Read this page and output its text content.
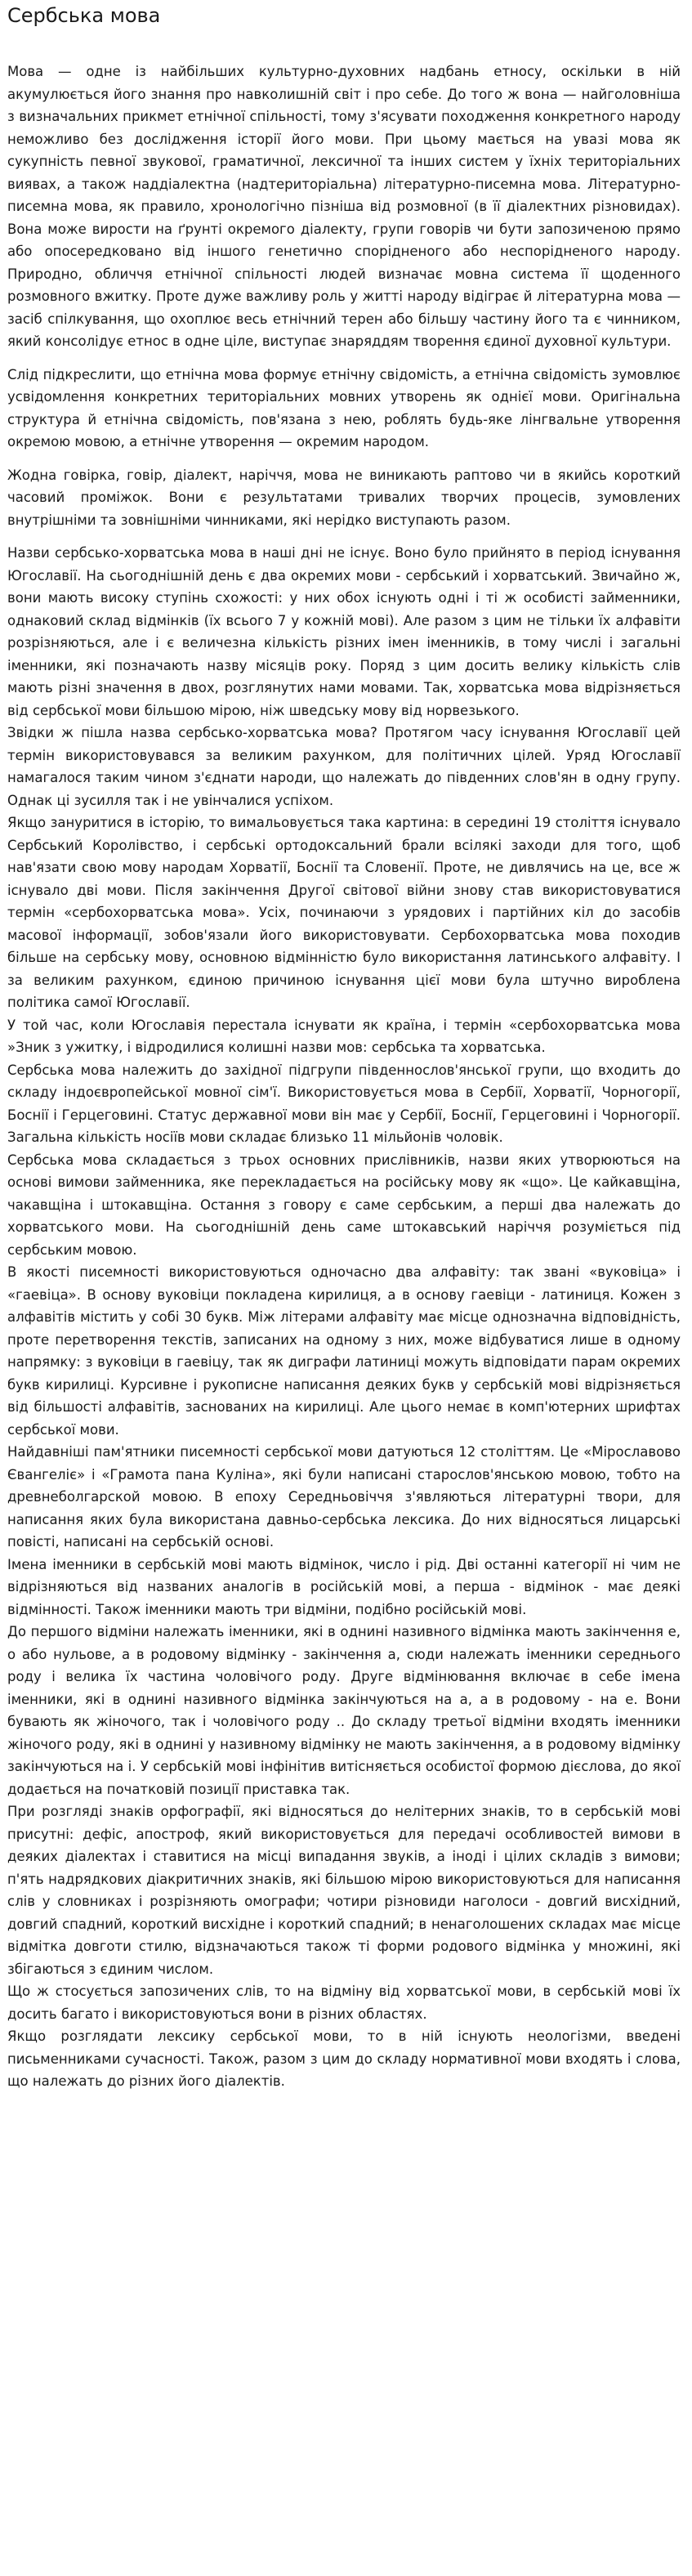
Сербська мова

Мова — одне із найбільших культурно-духовних надбань етносу, оскільки в ній акумулюється його знання про навколишній світ і про себе. До того ж вона — найголовніша з визначальних прикмет етнічної спільності, тому з'ясувати походження конкретного народу неможливо без дослідження історії його мови. При цьому мається на увазі мова як сукупність певної звукової, граматичної, лексичної та інших систем у їхніх територіальних виявах, а також наддіалектна (надтериторіальна) літературно-писемна мова. Літературно-писемна мова, як правило, хронологічно пізніша від розмовної (в її діалектних різновидах). Вона може вирости на ґрунті окремого діалекту, групи говорів чи бути запозиченою прямо або опосередковано від іншого генетично спорідненого або неспорідненого народу. Природно, обличчя етнічної спільності людей визначає мовна система її щоденного розмовного вжитку. Проте дуже важливу роль у житті народу відіграє й літературна мова — засіб спілкування, що охоплює весь етнічний терен або більшу частину його та є чинником, який консолідує етнос в одне ціле, виступає знаряддям творення єдиної духовної культури.

Слід підкреслити, що етнічна мова формує етнічну свідомість, а етнічна свідомість зумовлює усвідомлення конкретних територіальних мовних утворень як однієї мови. Оригінальна структура й етнічна свідомість, пов'язана з нею, роблять будь-яке лінгвальне утворення окремою мовою, а етнічне утворення — окремим народом.

Жодна говірка, говір, діалект, наріччя, мова не виникають раптово чи в якийсь короткий часовий проміжок. Вони є результатами тривалих творчих процесів, зумовлених внутрішніми та зовнішніми чинниками, які нерідко виступають разом.

Назви сербсько-хорватська мова в наші дні не існує. Воно було прийнято в період існування Югославії. На сьогоднішній день є два окремих мови - сербський і хорватський. Звичайно ж, вони мають високу ступінь схожості: у них обох існують одні і ті ж особисті займенники, однаковий склад відмінків (їх всього 7 у кожній мові). Але разом з цим не тільки їх алфавіти розрізняються, але і є величезна кількість різних імен іменників, в тому числі і загальні іменники, які позначають назву місяців року. Поряд з цим досить велику кількість слів мають різні значення в двох, розглянутих нами мовами. Так, хорватська мова відрізняється від сербської мови більшою мірою, ніж шведську мову від норвезького.

Звідки ж пішла назва сербсько-хорватська мова? Протягом часу існування Югославії цей термін використовувався за великим рахунком, для політичних цілей. Уряд Югославії намагалося таким чином з'єднати народи, що належать до південних слов'ян в одну групу. Однак ці зусилля так і не увінчалися успіхом.

Якщо зануритися в історію, то вимальовується така картина: в середині 19 століття існувало Сербський Королівство, і сербські ортодоксальний брали всілякі заходи для того, щоб нав'язати свою мову народам Хорватії, Боснії та Словенії. Проте, не дивлячись на це, все ж існувало дві мови. Після закінчення Другої світової війни знову став використовуватися термін «сербохорватська мова». Усіх, починаючи з урядових і партійних кіл до засобів масової інформації, зобов'язали його використовувати. Сербохорватська мова походив більше на сербську мову, основною відмінністю було використання латинського алфавіту. І за великим рахунком, єдиною причиною існування цієї мови була штучно вироблена політика самої Югославії.

У той час, коли Югославія перестала існувати як країна, і термін «сербохорватська мова »Зник з ужитку, і відродилися колишні назви мов: сербська та хорватська.

Сербська мова належить до західної підгрупи південнослов'янської групи, що входить до складу індоєвропейської мовної сім'ї. Використовується мова в Сербії, Хорватії, Чорногорії, Боснії і Герцеговині. Статус державної мови він має у Сербії, Боснії, Герцеговині і Чорногорії. Загальна кількість носіїв мови складає близько 11 мільйонів чоловік.

Сербська мова складається з трьох основних прислівників, назви яких утворюються на основі вимови займенника, яке перекладається на російську мову як «що». Це кайкавщіна, чакавщіна і штокавщіна. Остання з говору є саме сербським, а перші два належать до хорватського мови. На сьогоднішній день саме штокавський наріччя розуміється під сербським мовою.

В якості писемності використовуються одночасно два алфавіту: так звані «вуковіца» і «гаевіца». В основу вуковіци покладена кирилиця, а в основу гаевіци - латиниця. Кожен з алфавітів містить у собі 30 букв. Між літерами алфавіту має місце однозначна відповідність, проте перетворення текстів, записаних на одному з них, може відбуватися лише в одному напрямку: з вуковіци в гаевіцу, так як диграфи латиниці можуть відповідати парам окремих букв кирилиці. Курсивне і рукописне написання деяких букв у сербській мові відрізняється від більшості алфавітів, заснованих на кирилиці. Але цього немає в комп'ютерних шрифтах сербської мови.

Найдавніші пам'ятники писемності сербської мови датуються 12 століттям. Це «Мірославово Євангеліє» і «Грамота пана Куліна», які були написані старослов'янською мовою, тобто на древнеболгарской мовою. В епоху Середньовіччя з'являються літературні твори, для написання яких була використана давньо-сербська лексика. До них відносяться лицарські повісті, написані на сербській основі.

Імена іменники в сербській мові мають відмінок, число і рід. Дві останні категорії ні чим не відрізняються від названих аналогів в російській мові, а перша - відмінок - має деякі відмінності. Також іменники мають три відміни, подібно російській мові.

До першого відміни належать іменники, які в однині називного відмінка мають закінчення е, о або нульове, а в родовому відмінку - закінчення а, сюди належать іменники середнього роду і велика їх частина чоловічого роду. Друге відмінювання включає в себе імена іменники, які в однині називного відмінка закінчуються на а, а в родовому - на е. Вони бувають як жіночого, так і чоловічого роду .. До складу третьої відміни входять іменники жіночого роду, які в однині у називному відмінку не мають закінчення, а в родовому відмінку закінчуються на і. У сербській мові інфінітив витісняється особистої формою дієслова, до якої додається на початковій позиції приставка так.

При розгляді знаків орфографії, які відносяться до нелітерних знаків, то в сербській мові присутні: дефіс, апостроф, який використовується для передачі особливостей вимови в деяких діалектах і ставитися на місці випадання звуків, а іноді і цілих складів з вимови; п'ять надрядкових діакритичних знаків, які більшою мірою використовуються для написання слів у словниках і розрізняють омографи; чотири різновиди наголоси - довгий висхідний, довгий спадний, короткий висхідне і короткий спадний; в ненаголошених складах має місце відмітка довготи стилю, відзначаються також ті форми родового відмінка у множині, які збігаються з єдиним числом.

Що ж стосується запозичених слів, то на відміну від хорватської мови, в сербській мові їх досить багато і використовуються вони в різних областях.

Якщо розглядати лексику сербської мови, то в ній існують неологізми, введені письменниками сучасності. Також, разом з цим до складу нормативної мови входять і слова, що належать до різних його діалектів.
